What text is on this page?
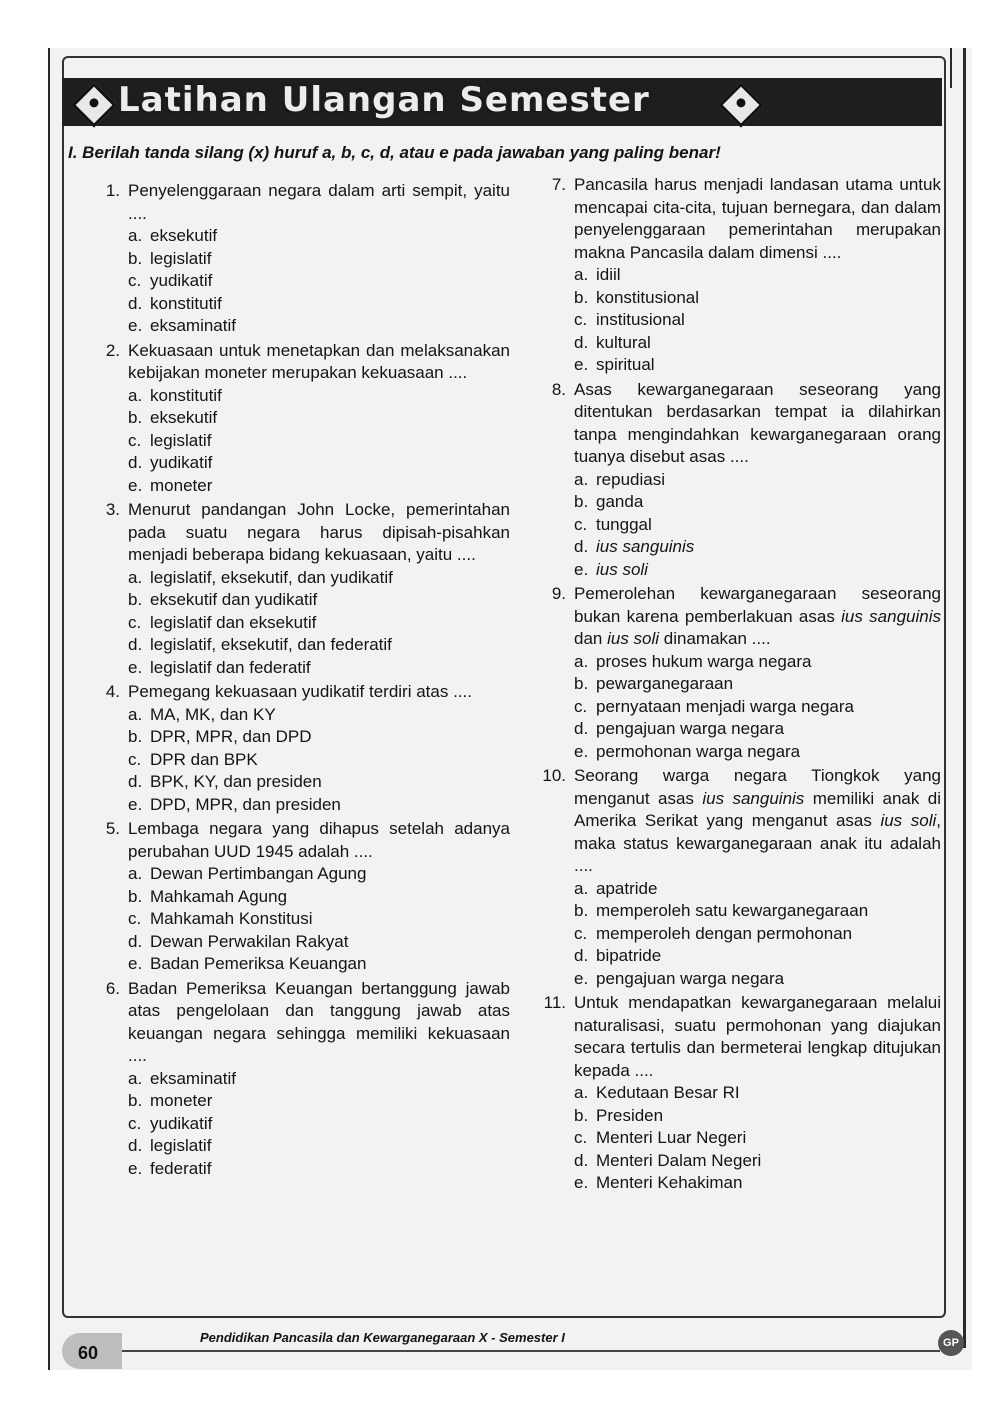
Latihan Ulangan Semester
I. Berilah tanda silang (x) huruf a, b, c, d, atau e pada jawaban yang paling benar!
1. Penyelenggaraan negara dalam arti sempit, yaitu ....
a. eksekutif
b. legislatif
c. yudikatif
d. konstitutif
e. eksaminatif
2. Kekuasaan untuk menetapkan dan melaksanakan kebijakan moneter merupakan kekuasaan ....
a. konstitutif
b. eksekutif
c. legislatif
d. yudikatif
e. moneter
3. Menurut pandangan John Locke, pemerintahan pada suatu negara harus dipisah-pisahkan menjadi beberapa bidang kekuasaan, yaitu ....
a. legislatif, eksekutif, dan yudikatif
b. eksekutif dan yudikatif
c. legislatif dan eksekutif
d. legislatif, eksekutif, dan federatif
e. legislatif dan federatif
4. Pemegang kekuasaan yudikatif terdiri atas ....
a. MA, MK, dan KY
b. DPR, MPR, dan DPD
c. DPR dan BPK
d. BPK, KY, dan presiden
e. DPD, MPR, dan presiden
5. Lembaga negara yang dihapus setelah adanya perubahan UUD 1945 adalah ....
a. Dewan Pertimbangan Agung
b. Mahkamah Agung
c. Mahkamah Konstitusi
d. Dewan Perwakilan Rakyat
e. Badan Pemeriksa Keuangan
6. Badan Pemeriksa Keuangan bertanggung jawab atas pengelolaan dan tanggung jawab atas keuangan negara sehingga memiliki kekuasaan ....
a. eksaminatif
b. moneter
c. yudikatif
d. legislatif
e. federatif
7. Pancasila harus menjadi landasan utama untuk mencapai cita-cita, tujuan bernegara, dan dalam penyelenggaraan pemerintahan merupakan makna Pancasila dalam dimensi ....
a. idiil
b. konstitusional
c. institusional
d. kultural
e. spiritual
8. Asas kewarganegaraan seseorang yang ditentukan berdasarkan tempat ia dilahirkan tanpa mengindahkan kewarganegaraan orang tuanya disebut asas ....
a. repudiasi
b. ganda
c. tunggal
d. ius sanguinis
e. ius soli
9. Pemerolehan kewarganegaraan seseorang bukan karena pemberlakuan asas ius sanguinis dan ius soli dinamakan ....
a. proses hukum warga negara
b. pewarganegaraan
c. pernyataan menjadi warga negara
d. pengajuan warga negara
e. permohonan warga negara
10. Seorang warga negara Tiongkok yang menganut asas ius sanguinis memiliki anak di Amerika Serikat yang menganut asas ius soli, maka status kewarganegaraan anak itu adalah ....
a. apatride
b. memperoleh satu kewarganegaraan
c. memperoleh dengan permohonan
d. bipatride
e. pengajuan warga negara
11. Untuk mendapatkan kewarganegaraan melalui naturalisasi, suatu permohonan yang diajukan secara tertulis dan bermeterai lengkap ditujukan kepada ....
a. Kedutaan Besar RI
b. Presiden
c. Menteri Luar Negeri
d. Menteri Dalam Negeri
e. Menteri Kehakiman
60
Pendidikan Pancasila dan Kewarganegaraan X - Semester I	GP
